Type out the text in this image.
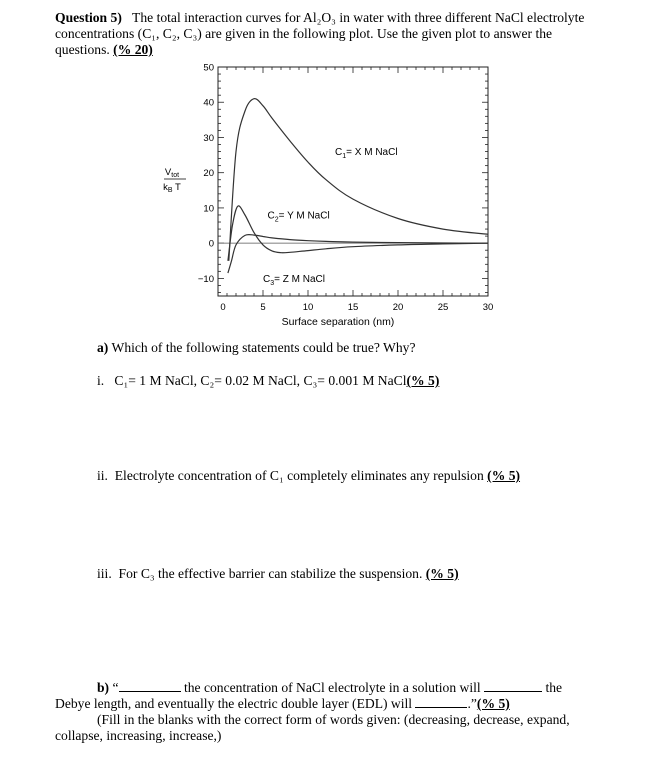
Question 5) The total interaction curves for Al₂O₃ in water with three different NaCl electrolyte
concentrations (C₁, C₂, C₃) are given in the following plot. Use the given plot to answer the
questions. (% 20)
0	5	10	15	20	25	30
−10
0
10
20
30
40
50
Surface separation (nm)
$V_{tot}$
$k_B$ T
$C_1= X$ M NaCl
$C_2= Y$ M NaCl
$C_3= Z$ M NaCl
a) Which of the following statements could be true? Why?
i. C₁= 1 M NaCl, C₂= 0.02 M NaCl, C₃= 0.001 M NaCl(% 5)
ii. Electrolyte concentration of C₁ completely eliminates any repulsion (% 5)
iii. For C₃ the effective barrier can stabilize the suspension. (% 5)
b) “	the concentration of NaCl electrolyte in a solution will	the
Debye length, and eventually the electric double layer (EDL) will	.”(% 5)
(Fill in the blanks with the correct form of words given: (decreasing, decrease, expand,
collapse, increasing, increase,)
